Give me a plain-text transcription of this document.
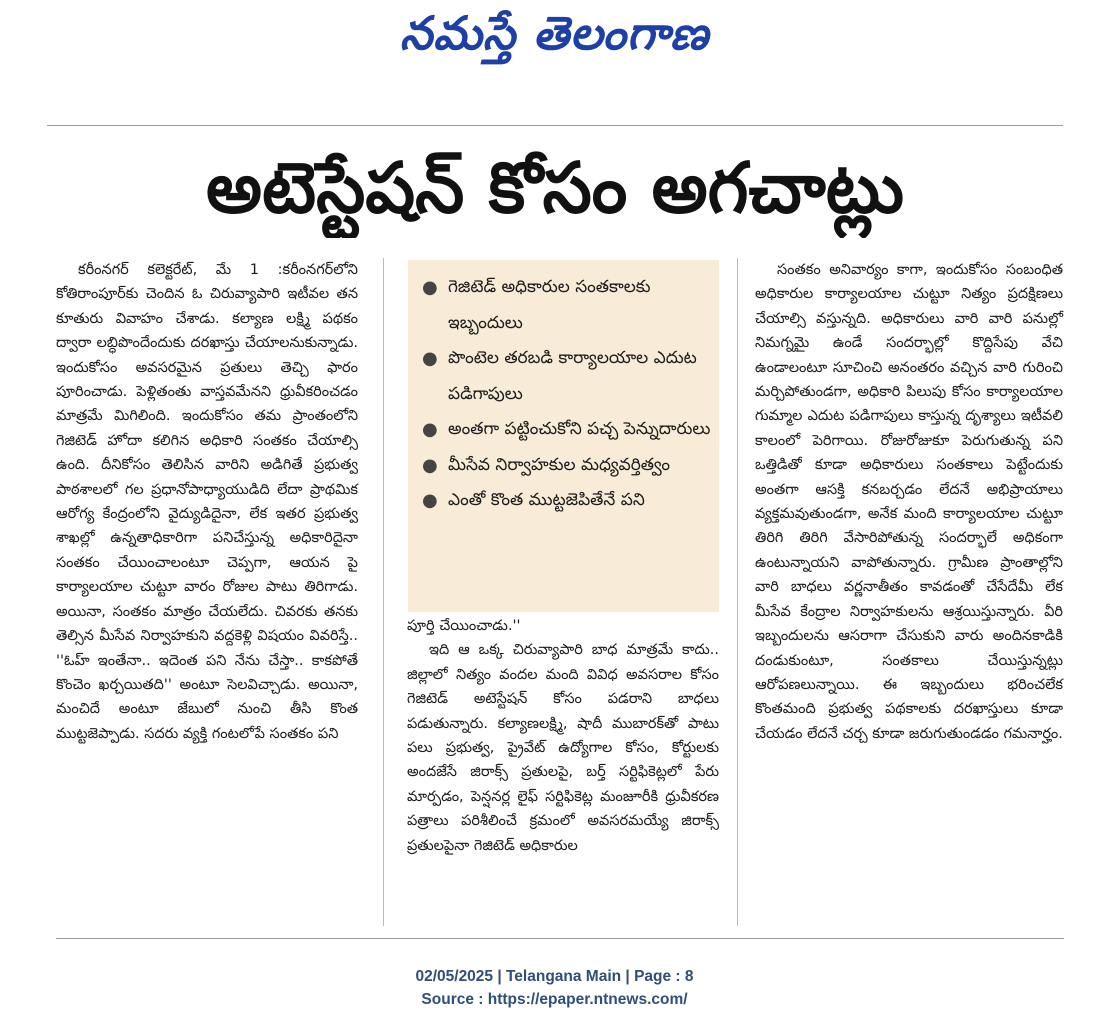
నమస్తే తెలంగాణ
అటెస్టేషన్ కోసం అగచాట్లు

కరీంనగర్ కలెక్టరేట్, మే 1 :కరీంనగర్‌లోని కోతిరాంపూర్‌కు చెందిన ఓ చిరువ్యాపారి ఇటీవల తన కూతురు వివాహం చేశాడు. కల్యాణ లక్ష్మి పథకం ద్వారా లబ్ధిపొందేందుకు దరఖాస్తు చేయాలనుకున్నాడు. ఇందుకోసం అవసరమైన ప్రతులు తెచ్చి ఫారం పూరించాడు. పెళ్లితంతు వాస్తవమేనని ధ్రువీకరించడం మాత్రమే మిగిలింది. ఇందుకోసం తమ ప్రాంతంలోని గెజిటెడ్ హోదా కలిగిన అధికారి సంతకం చేయాల్సి ఉంది. దీనికోసం తెలిసిన వారిని అడిగితే ప్రభుత్వ పాఠశాలలో గల ప్రధానోపాధ్యాయుడిది లేదా ప్రాథమిక ఆరోగ్య కేంద్రంలోని వైద్యుడిదైనా, లేక ఇతర ప్రభుత్వ శాఖల్లో ఉన్నతాధికారిగా పనిచేస్తున్న అధికారిదైనా సంతకం చేయించాలంటూ చెప్పగా, ఆయన పై కార్యాలయాల చుట్టూ వారం రోజుల పాటు తిరిగాడు. అయినా, సంతకం మాత్రం చేయలేదు. చివరకు తనకు తెల్సిన మీసేవ నిర్వాహకుని వద్దకెళ్లి విషయం వివరిస్తే.. ''ఓహ్ ఇంతేనా.. ఇదెంత పని నేను చేస్తా.. కాకపోతే కొంచెం ఖర్చయితది'' అంటూ సెలవిచ్చాడు. అయినా, మంచిదే అంటూ జేబులో నుంచి తీసి కొంత ముట్టజెప్పాడు. సదరు వ్యక్తి గంటలోపే సంతకం పని

● గెజిటెడ్ అధికారుల సంతకాలకు ఇబ్బందులు
● పొంటెల తరబడి కార్యాలయాల ఎదుట పడిగాపులు
● అంతగా పట్టించుకోని పచ్చ పెన్నుదారులు
● మీసేవ నిర్వాహకుల మధ్యవర్తిత్వం
● ఎంతో కొంత ముట్టజెపితేనే పని

పూర్తి చేయించాడు.''

ఇది ఆ ఒక్క చిరువ్యాపారి బాధ మాత్రమే కాదు.. జిల్లాలో నిత్యం వందల మంది వివిధ అవసరాల కోసం గెజిటెడ్ అటెస్టేషన్ కోసం పడరాని బాధలు పడుతున్నారు. కల్యాణలక్ష్మి, షాదీ ముబారక్‌తో పాటు పలు ప్రభుత్వ, ప్రైవేట్ ఉద్యోగాల కోసం, కోర్టులకు అందజేసే జిరాక్స్ ప్రతులపై, బర్త్ సర్టిఫికెట్లలో పేరు మార్పడం, పెన్షనర్ల లైఫ్ సర్టిఫికెట్ల మంజూరీకి ధ్రువీకరణ పత్రాలు పరిశీలించే క్రమంలో అవసరమయ్యే జిరాక్స్ ప్రతులపైనా గెజిటెడ్ అధికారుల

సంతకం అనివార్యం కాగా, ఇందుకోసం సంబంధిత అధికారుల కార్యాలయాల చుట్టూ నిత్యం ప్రదక్షిణలు చేయాల్సి వస్తున్నది. అధికారులు వారి వారి పనుల్లో నిమగ్నమై ఉండే సందర్భాల్లో కొద్దిసేపు వేచి ఉండాలంటూ సూచించి అనంతరం వచ్చిన వారి గురించి మర్చిపోతుండగా, అధికారి పిలుపు కోసం కార్యాలయాల గుమ్మాల ఎదుట పడిగాపులు కాస్తున్న దృశ్యాలు ఇటీవలి కాలంలో పెరిగాయి. రోజురోజుకూ పెరుగుతున్న పని ఒత్తిడితో కూడా అధికారులు సంతకాలు పెట్టేందుకు అంతగా ఆసక్తి కనబర్చడం లేదనే అభిప్రాయాలు వ్యక్తమవుతుండగా, అనేక మంది కార్యాలయాల చుట్టూ తిరిగి తిరిగి వేసారిపోతున్న సందర్భాలే అధికంగా ఉంటున్నాయని వాపోతున్నారు. గ్రామీణ ప్రాంతాల్లోని వారి బాధలు వర్ణనాతీతం కావడంతో చేసేదేమీ లేక మీసేవ కేంద్రాల నిర్వాహకులను ఆశ్రయిస్తున్నారు. వీరి ఇబ్బందులను ఆసరాగా చేసుకుని వారు అందినకాడికి దండుకుంటూ, సంతకాలు చేయిస్తున్నట్లు ఆరోపణలున్నాయి. ఈ ఇబ్బందులు భరించలేక కొంతమంది ప్రభుత్వ పథకాలకు దరఖాస్తులు కూడా చేయడం లేదనే చర్చ కూడా జరుగుతుండడం గమనార్హం.

02/05/2025 | Telangana Main | Page : 8
Source : https://epaper.ntnews.com/
